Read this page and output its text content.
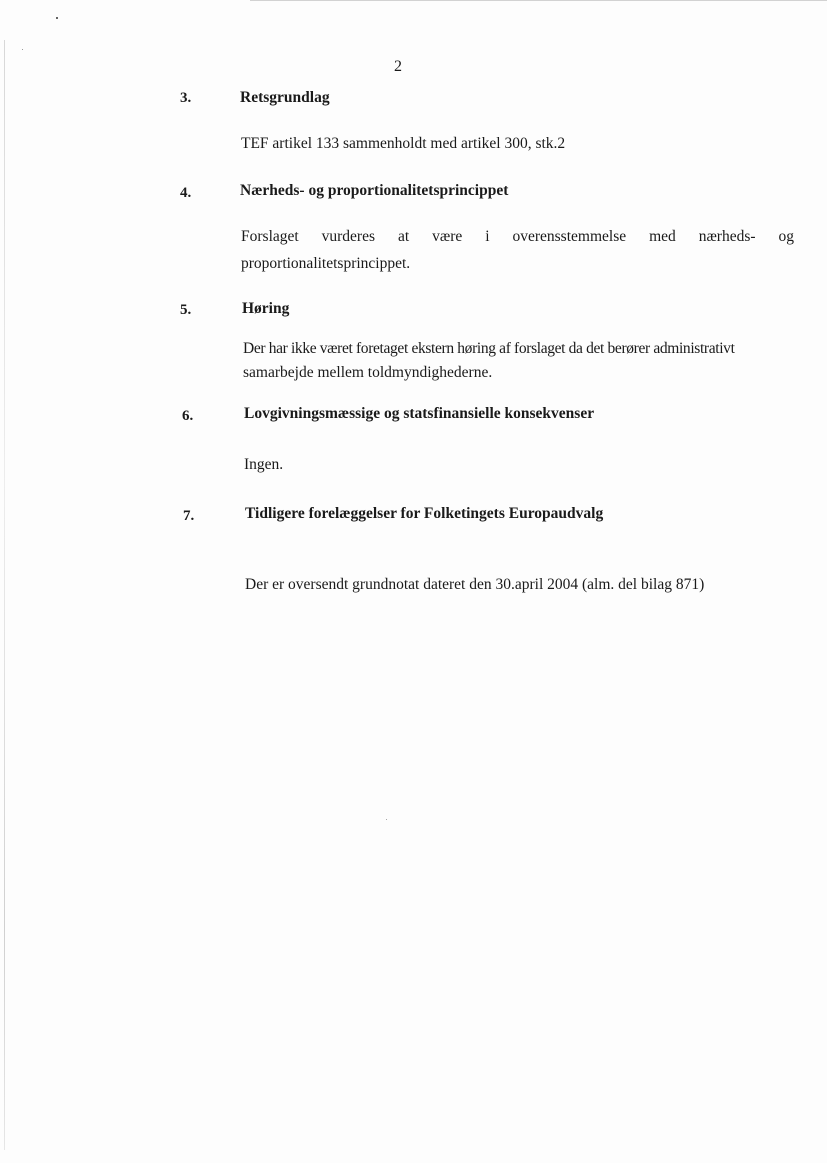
2
3.	Retsgrundlag
TEF artikel 133 sammenholdt med artikel 300, stk.2
4.	Nærheds- og proportionalitetsprincippet
Forslaget vurderes at være i overensstemmelse med nærheds- og
proportionalitetsprincippet.
5.	Høring
Der har ikke været foretaget ekstern høring af forslaget da det berører administrativt
samarbejde mellem toldmyndighederne.
6.	Lovgivningsmæssige og statsfinansielle konsekvenser
Ingen.
7.	Tidligere forelæggelser for Folketingets Europaudvalg
Der er oversendt grundnotat dateret den 30.april 2004 (alm. del bilag 871)
